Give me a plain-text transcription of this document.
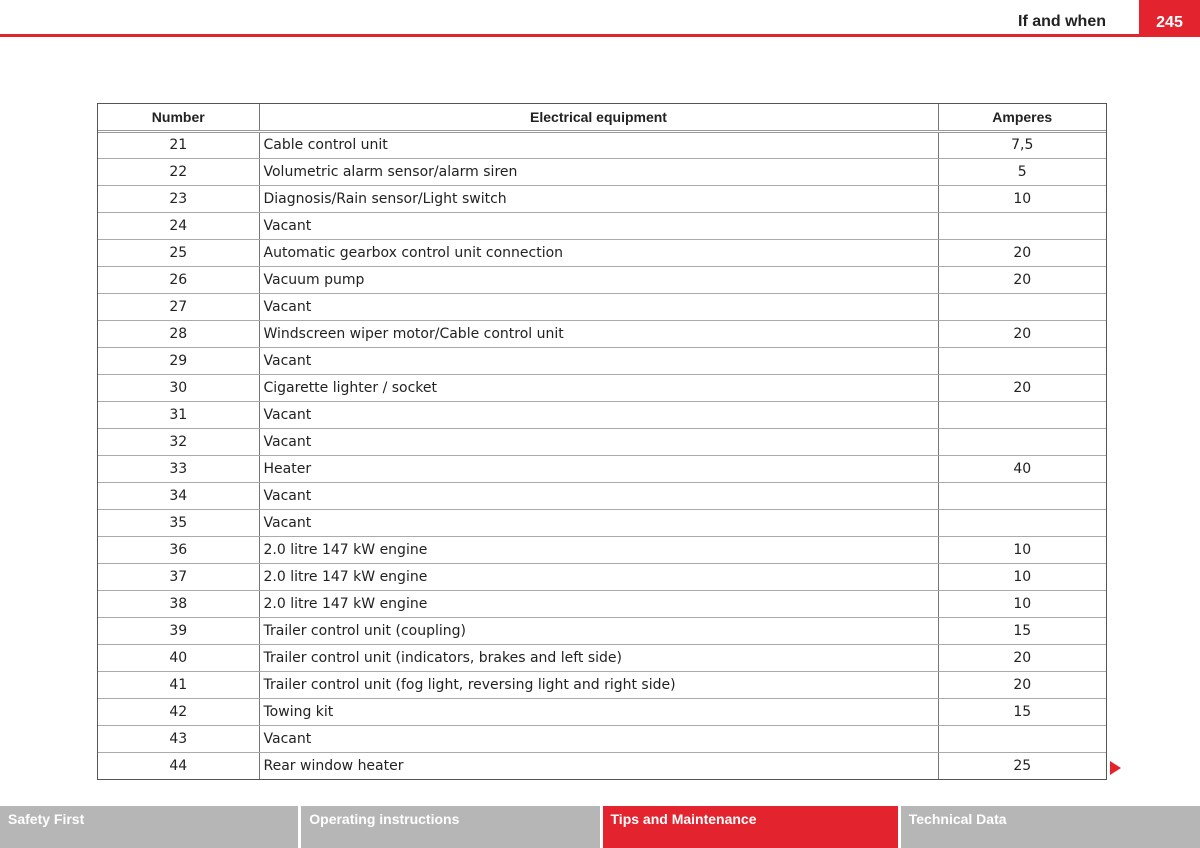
If and when	245
Number	Electrical equipment	Amperes
21	Cable control unit	7,5
22	Volumetric alarm sensor/alarm siren	5
23	Diagnosis/Rain sensor/Light switch	10
24	Vacant	
25	Automatic gearbox control unit connection	20
26	Vacuum pump	20
27	Vacant	
28	Windscreen wiper motor/Cable control unit	20
29	Vacant	
30	Cigarette lighter / socket	20
31	Vacant	
32	Vacant	
33	Heater	40
34	Vacant	
35	Vacant	
36	2.0 litre 147 kW engine	10
37	2.0 litre 147 kW engine	10
38	2.0 litre 147 kW engine	10
39	Trailer control unit (coupling)	15
40	Trailer control unit (indicators, brakes and left side)	20
41	Trailer control unit (fog light, reversing light and right side)	20
42	Towing kit	15
43	Vacant	
44	Rear window heater	25
Safety First	Operating instructions	Tips and Maintenance	Technical Data
